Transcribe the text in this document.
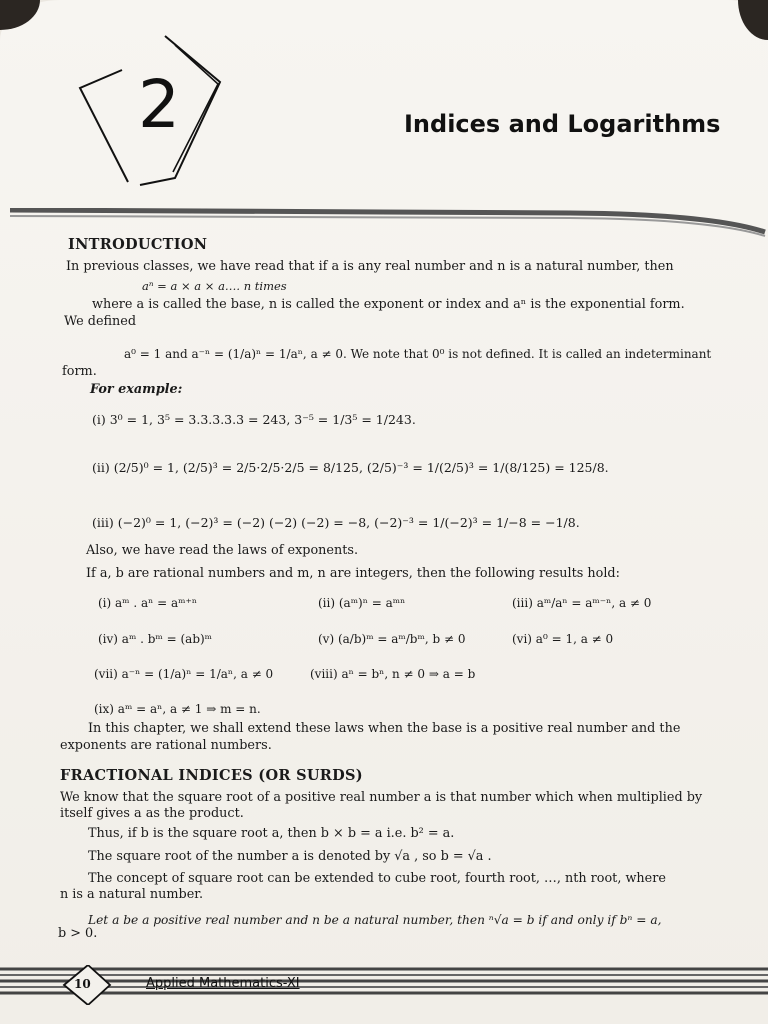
2	Indices and Logarithms
INTRODUCTION
In previous classes, we have read that if a is any real number and n is a natural number, then
aⁿ = a × a × a…. n times
where a is called the base, n is called the exponent or index and aⁿ is the exponential form.
We defined
a⁰ = 1 and a⁻ⁿ = (1/a)ⁿ = 1/aⁿ, a ≠ 0. We note that 0⁰ is not defined. It is called an indeterminant
form.
For example:
(i) 3⁰ = 1, 3⁵ = 3.3.3.3.3 = 243, 3⁻⁵ = 1/3⁵ = 1/243.
(ii) (2/5)⁰ = 1, (2/5)³ = 2/5·2/5·2/5 = 8/125, (2/5)⁻³ = 1/(2/5)³ = 1/(8/125) = 125/8.
(iii) (−2)⁰ = 1, (−2)³ = (−2) (−2) (−2) = −8, (−2)⁻³ = 1/(−2)³ = 1/−8 = −1/8.
Also, we have read the laws of exponents.
If a, b are rational numbers and m, n are integers, then the following results hold:
(i) aᵐ . aⁿ = aᵐ⁺ⁿ	(ii) (aᵐ)ⁿ = aᵐⁿ	(iii) aᵐ/aⁿ = aᵐ⁻ⁿ, a ≠ 0
(iv) aᵐ . bᵐ = (ab)ᵐ	(v) (a/b)ᵐ = aᵐ/bᵐ, b ≠ 0	(vi) a⁰ = 1, a ≠ 0
(vii) a⁻ⁿ = (1/a)ⁿ = 1/aⁿ, a ≠ 0	(viii) aⁿ = bⁿ, n ≠ 0 ⇒ a = b
(ix) aᵐ = aⁿ, a ≠ 1 ⇒ m = n.
In this chapter, we shall extend these laws when the base is a positive real number and the
exponents are rational numbers.
FRACTIONAL INDICES (OR SURDS)
We know that the square root of a positive real number a is that number which when multiplied by
itself gives a as the product.
Thus, if b is the square root a, then b × b = a i.e. b² = a.
The square root of the number a is denoted by √a , so b = √a .
The concept of square root can be extended to cube root, fourth root, …, nth root, where
n is a natural number.
Let a be a positive real number and n be a natural number, then ⁿ√a = b if and only if bⁿ = a,
b > 0.
10	Applied Mathematics-XI
